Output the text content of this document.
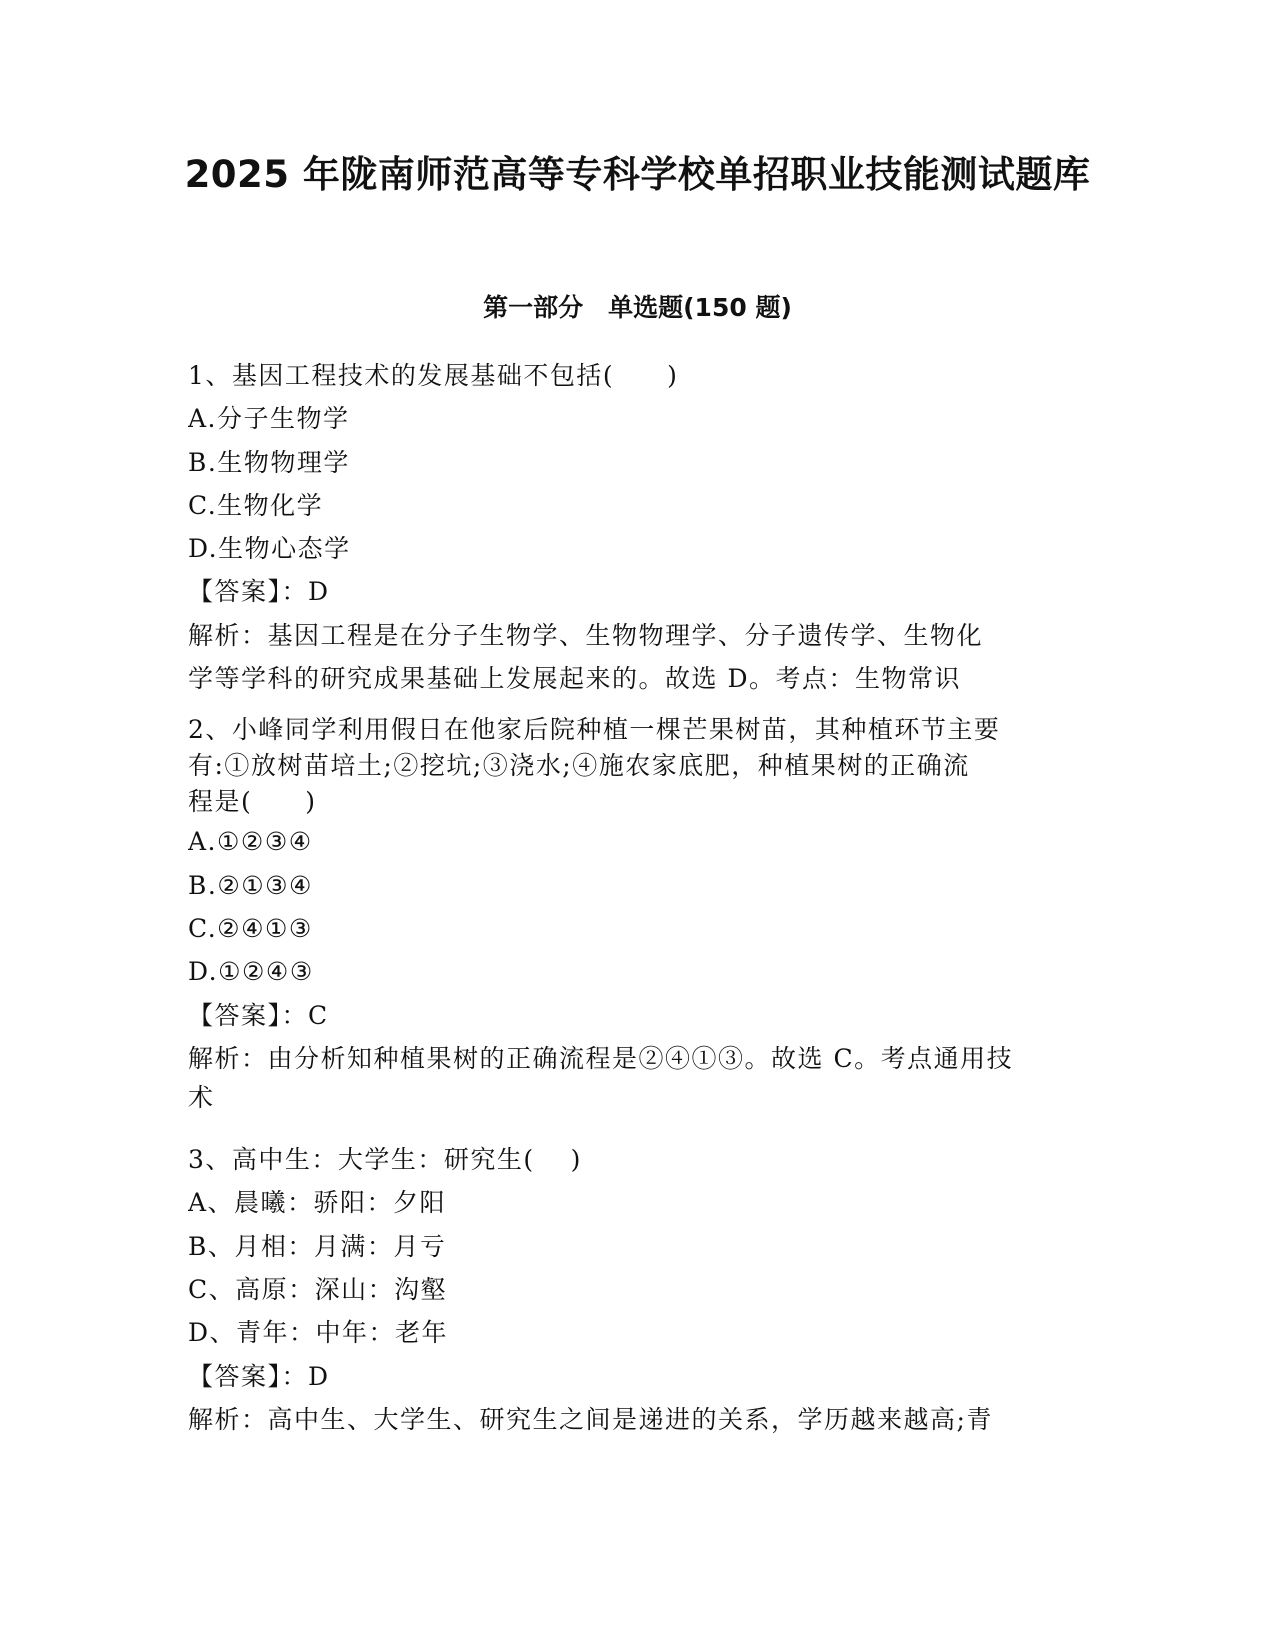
2025 年陇南师范高等专科学校单招职业技能测试题库
第一部分　单选题(150 题)
1、基因工程技术的发展基础不包括(　　)
A.分子生物学
B.生物物理学
C.生物化学
D.生物心态学
【答案】：D
解析：基因工程是在分子生物学、生物物理学、分子遗传学、生物化
学等学科的研究成果基础上发展起来的。故选 D。考点：生物常识
2、小峰同学利用假日在他家后院种植一棵芒果树苗，其种植环节主要
有:①放树苗培土;②挖坑;③浇水;④施农家底肥，种植果树的正确流
程是(　　)
A.①②③④
B.②①③④
C.②④①③
D.①②④③
【答案】：C
解析：由分析知种植果树的正确流程是②④①③。故选 C。考点通用技
术
3、高中生：大学生：研究生(　 )
A、晨曦：骄阳：夕阳
B、月相：月满：月亏
C、高原：深山：沟壑
D、青年：中年：老年
【答案】：D
解析：高中生、大学生、研究生之间是递进的关系，学历越来越高;青
